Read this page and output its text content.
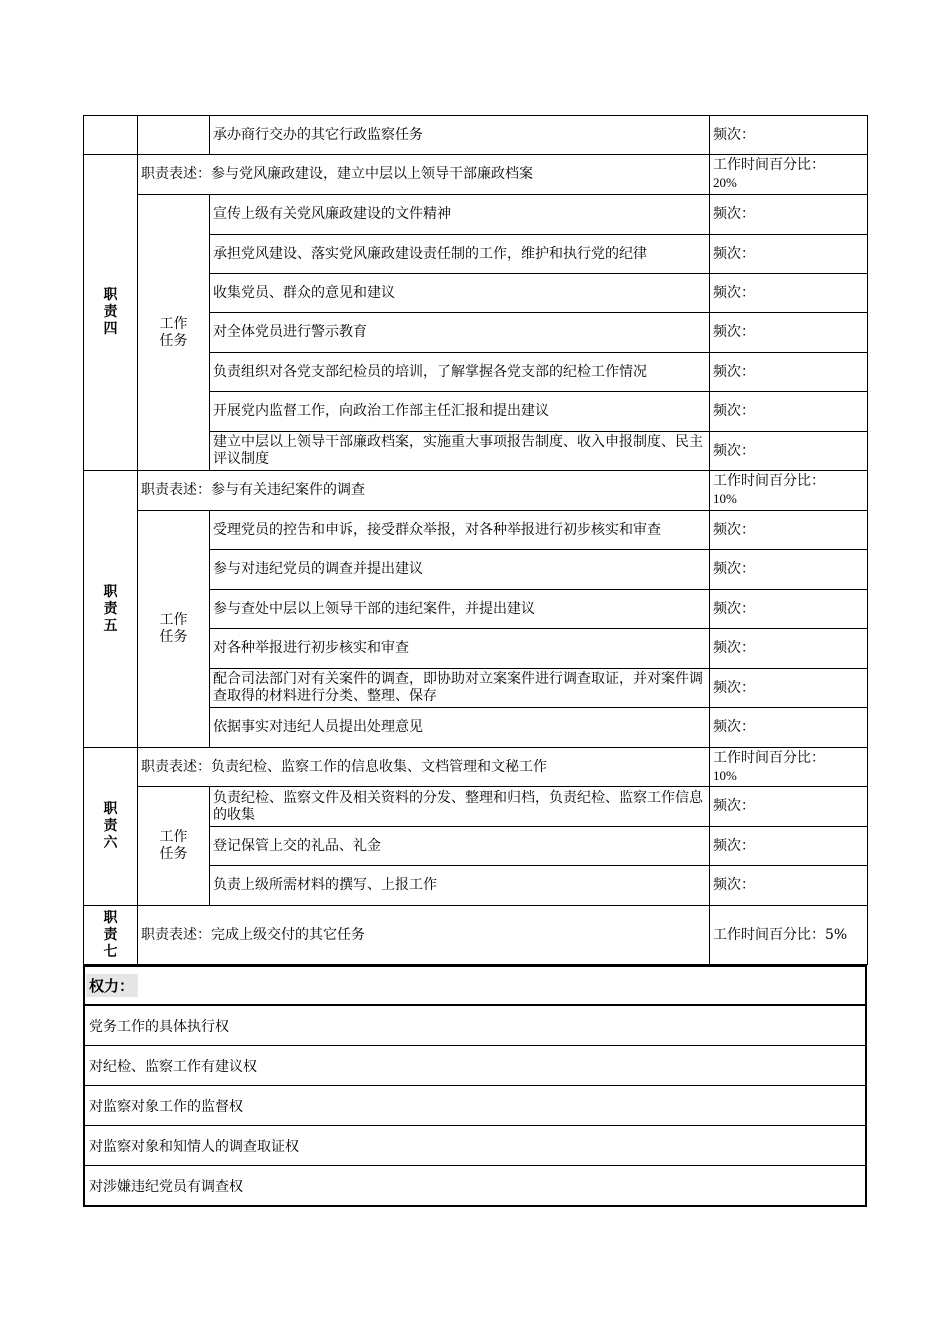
		承办商行交办的其它行政监察任务	频次：
职
责
四	职责表述：参与党风廉政建设，建立中层以上领导干部廉政档案		工作时间百分比：
20%
	工作
任务	宣传上级有关党风廉政建设的文件精神	频次：
		承担党风建设、落实党风廉政建设责任制的工作，维护和执行党的纪律	频次：
		收集党员、群众的意见和建议	频次：
		对全体党员进行警示教育	频次：
		负责组织对各党支部纪检员的培训，了解掌握各党支部的纪检工作情况	频次：
		开展党内监督工作，向政治工作部主任汇报和提出建议	频次：
		建立中层以上领导干部廉政档案，实施重大事项报告制度、收入申报制度、民主评议制度	频次：
职
责
五	职责表述：参与有关违纪案件的调查		工作时间百分比：
10%
	工作
任务	受理党员的控告和申诉，接受群众举报，对各种举报进行初步核实和审查	频次：
		参与对违纪党员的调查并提出建议	频次：
		参与查处中层以上领导干部的违纪案件，并提出建议	频次：
		对各种举报进行初步核实和审查	频次：
		配合司法部门对有关案件的调查，即协助对立案案件进行调查取证，并对案件调查取得的材料进行分类、整理、保存	频次：
		依据事实对违纪人员提出处理意见	频次：
职
责
六	职责表述：负责纪检、监察工作的信息收集、文档管理和文秘工作		工作时间百分比：
10%
	工作
任务	负责纪检、监察文件及相关资料的分发、整理和归档，负责纪检、监察工作信息的收集	频次：
		登记保管上交的礼品、礼金	频次：
		负责上级所需材料的撰写、上报工作	频次：
职责七	职责表述：完成上级交付的其它任务		工作时间百分比：5%
权力：
党务工作的具体执行权
对纪检、监察工作有建议权
对监察对象工作的监督权
对监察对象和知情人的调查取证权
对涉嫌违纪党员有调查权
